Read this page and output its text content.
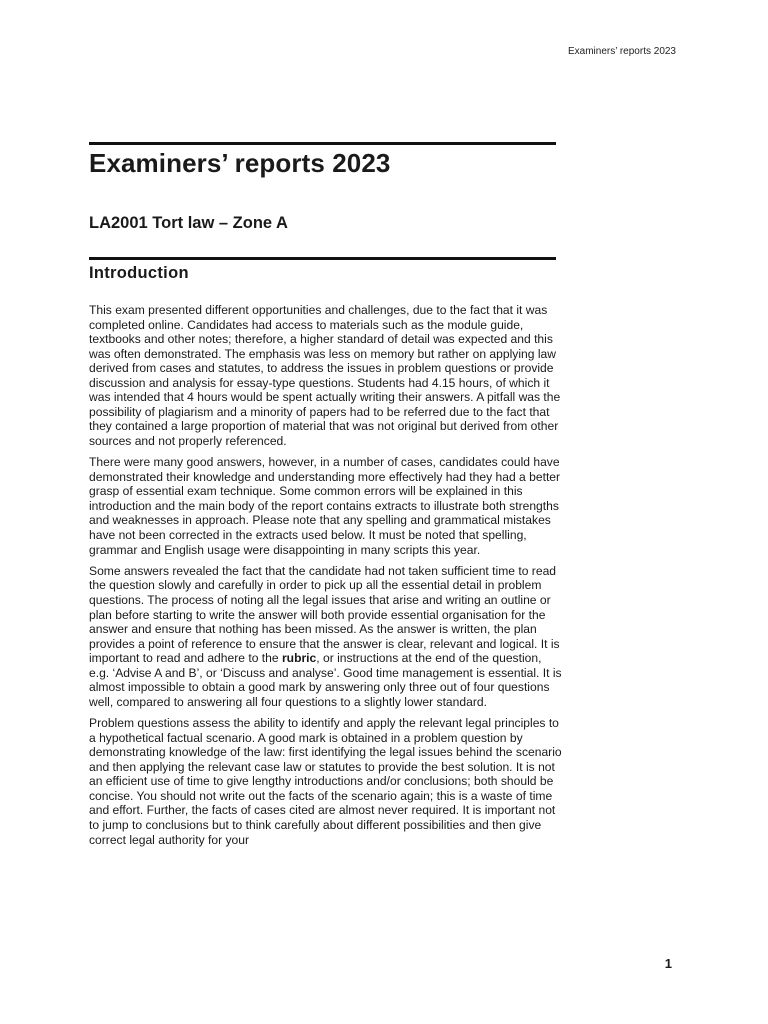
Examiners’ reports 2023
Examiners’ reports 2023
LA2001 Tort law – Zone A
Introduction

This exam presented different opportunities and challenges, due to the fact that it was completed online. Candidates had access to materials such as the module guide, textbooks and other notes; therefore, a higher standard of detail was expected and this was often demonstrated. The emphasis was less on memory but rather on applying law derived from cases and statutes, to address the issues in problem questions or provide discussion and analysis for essay-type questions. Students had 4.15 hours, of which it was intended that 4 hours would be spent actually writing their answers. A pitfall was the possibility of plagiarism and a minority of papers had to be referred due to the fact that they contained a large proportion of material that was not original but derived from other sources and not properly referenced.

There were many good answers, however, in a number of cases, candidates could have demonstrated their knowledge and understanding more effectively had they had a better grasp of essential exam technique. Some common errors will be explained in this introduction and the main body of the report contains extracts to illustrate both strengths and weaknesses in approach. Please note that any spelling and grammatical mistakes have not been corrected in the extracts used below. It must be noted that spelling, grammar and English usage were disappointing in many scripts this year.

Some answers revealed the fact that the candidate had not taken sufficient time to read the question slowly and carefully in order to pick up all the essential detail in problem questions. The process of noting all the legal issues that arise and writing an outline or plan before starting to write the answer will both provide essential organisation for the answer and ensure that nothing has been missed. As the answer is written, the plan provides a point of reference to ensure that the answer is clear, relevant and logical. It is important to read and adhere to the rubric, or instructions at the end of the question, e.g. ‘Advise A and B’, or ‘Discuss and analyse’. Good time management is essential. It is almost impossible to obtain a good mark by answering only three out of four questions well, compared to answering all four questions to a slightly lower standard.

Problem questions assess the ability to identify and apply the relevant legal principles to a hypothetical factual scenario. A good mark is obtained in a problem question by demonstrating knowledge of the law: first identifying the legal issues behind the scenario and then applying the relevant case law or statutes to provide the best solution. It is not an efficient use of time to give lengthy introductions and/or conclusions; both should be concise. You should not write out the facts of the scenario again; this is a waste of time and effort. Further, the facts of cases cited are almost never required. It is important not to jump to conclusions but to think carefully about different possibilities and then give correct legal authority for your

1
